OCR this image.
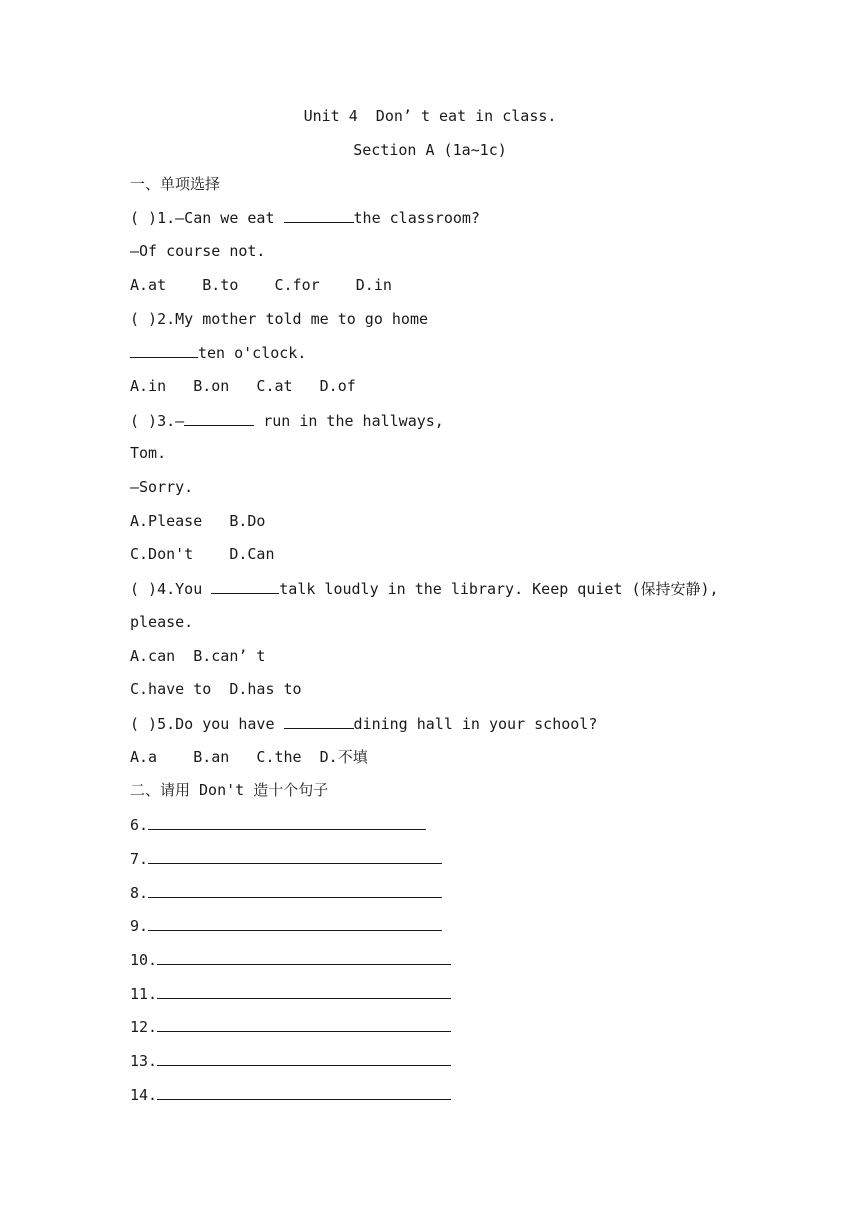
Unit 4  Don’ t eat in class.
Section A (1a~1c)
一、单项选择
( )1.—Can we eat	the classroom?
—Of course not.
A.at    B.to    C.for    D.in
( )2.My mother told me to go home
ten o'clock.
A.in   B.on   C.at   D.of
( )3.—	run in the hallways,
Tom.
—Sorry.
A.Please   B.Do
C.Don't    D.Can
( )4.You	talk loudly in the library. Keep quiet (保持安静),
please.
A.can  B.can’ t
C.have to  D.has to
( )5.Do you have	dining hall in your school?
A.a    B.an   C.the  D.不填
二、请用 Don't 造十个句子
6.
7.
8.
9.
10.
11.
12.
13.
14.
